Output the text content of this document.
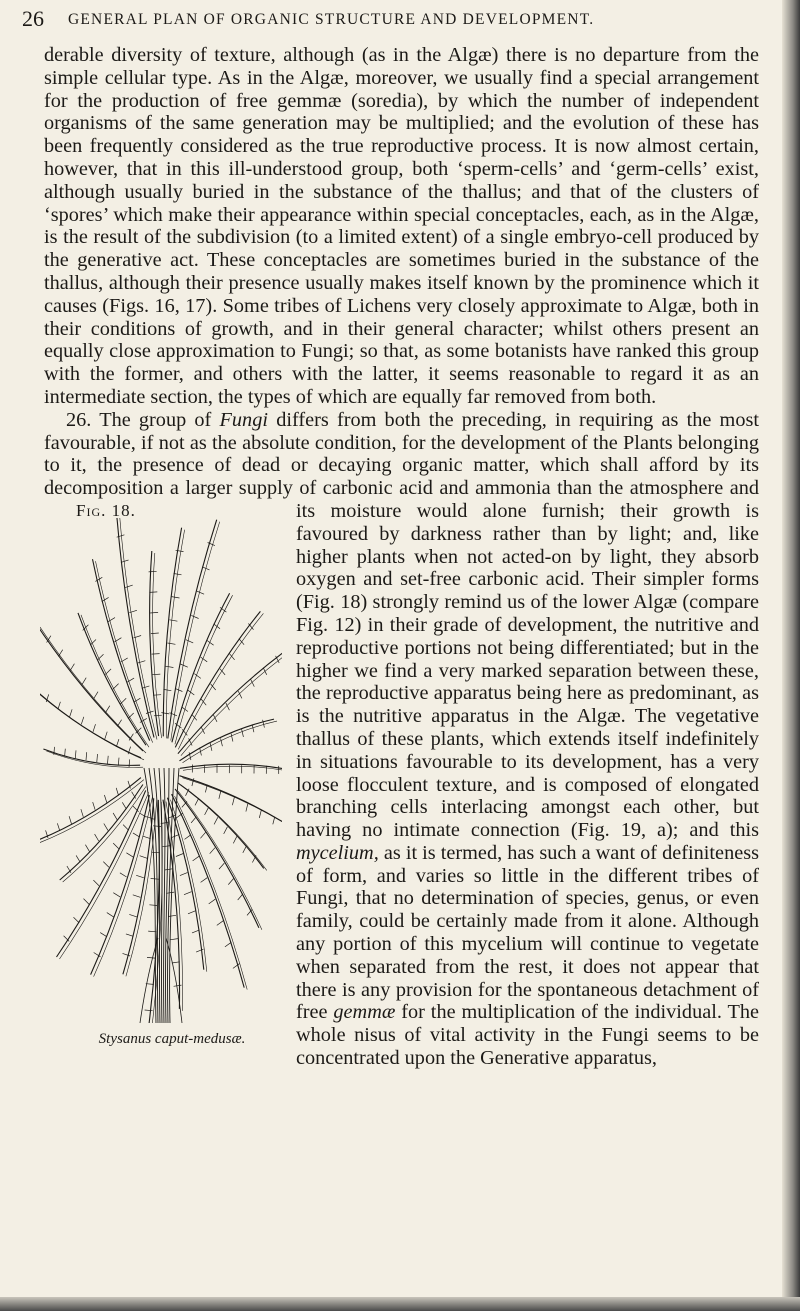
26 GENERAL PLAN OF ORGANIC STRUCTURE AND DEVELOPMENT.

derable diversity of texture, although (as in the Algæ) there is no departure from the simple cellular type. As in the Algæ, moreover, we usually find a special arrangement for the production of free gemmæ (soredia), by which the number of independent organisms of the same generation may be multiplied; and the evolution of these has been frequently considered as the true reproductive process. It is now almost certain, however, that in this ill-understood group, both ‘sperm-cells’ and ‘germ-cells’ exist, although usually buried in the substance of the thallus; and that of the clusters of ‘spores’ which make their appearance within special conceptacles, each, as in the Algæ, is the result of the subdivision (to a limited extent) of a single embryo-cell produced by the generative act. These conceptacles are sometimes buried in the substance of the thallus, although their presence usually makes itself known by the prominence which it causes (Figs. 16, 17). Some tribes of Lichens very closely approximate to Algæ, both in their conditions of growth, and in their general character; whilst others present an equally close approximation to Fungi; so that, as some botanists have ranked this group with the former, and others with the latter, it seems reasonable to regard it as an intermediate section, the types of which are equally far removed from both.

26. The group of Fungi differs from both the preceding, in requiring as the most favourable, if not as the absolute condition, for the development of the Plants belonging to it, the presence of dead or decaying organic matter, which shall afford by its decomposition a larger supply of carbonic acid and ammonia than the atmosphere and its moisture
Fig. 18.
Stysanus caput-medusæ.
would alone furnish; their growth is favoured by darkness rather than by light; and, like higher plants when not acted-on by light, they absorb oxygen and set-free carbonic acid. Their simpler forms (Fig. 18) strongly remind us of the lower Algæ (compare Fig. 12) in their grade of development, the nutritive and reproductive portions not being differentiated; but in the higher we find a very marked separation between these, the reproductive apparatus being here as predominant, as is the nutritive apparatus in the Algæ. The vegetative thallus of these plants, which extends itself indefinitely in situations favourable to its development, has a very loose flocculent texture, and is composed of elongated branching cells interlacing amongst each other, but having no intimate connection (Fig. 19, a); and this mycelium, as it is termed, has such a want of definiteness of form, and varies so little in the different tribes of Fungi, that no determination of species, genus, or even family, could be certainly made from it alone. Although any portion of this mycelium will continue to vegetate when separated from the rest, it does not appear that there is any provision for the spontaneous detachment of free gemmæ for the multiplication of the individual. The whole nisus of vital activity in the Fungi seems to be concentrated upon the Generative apparatus,
